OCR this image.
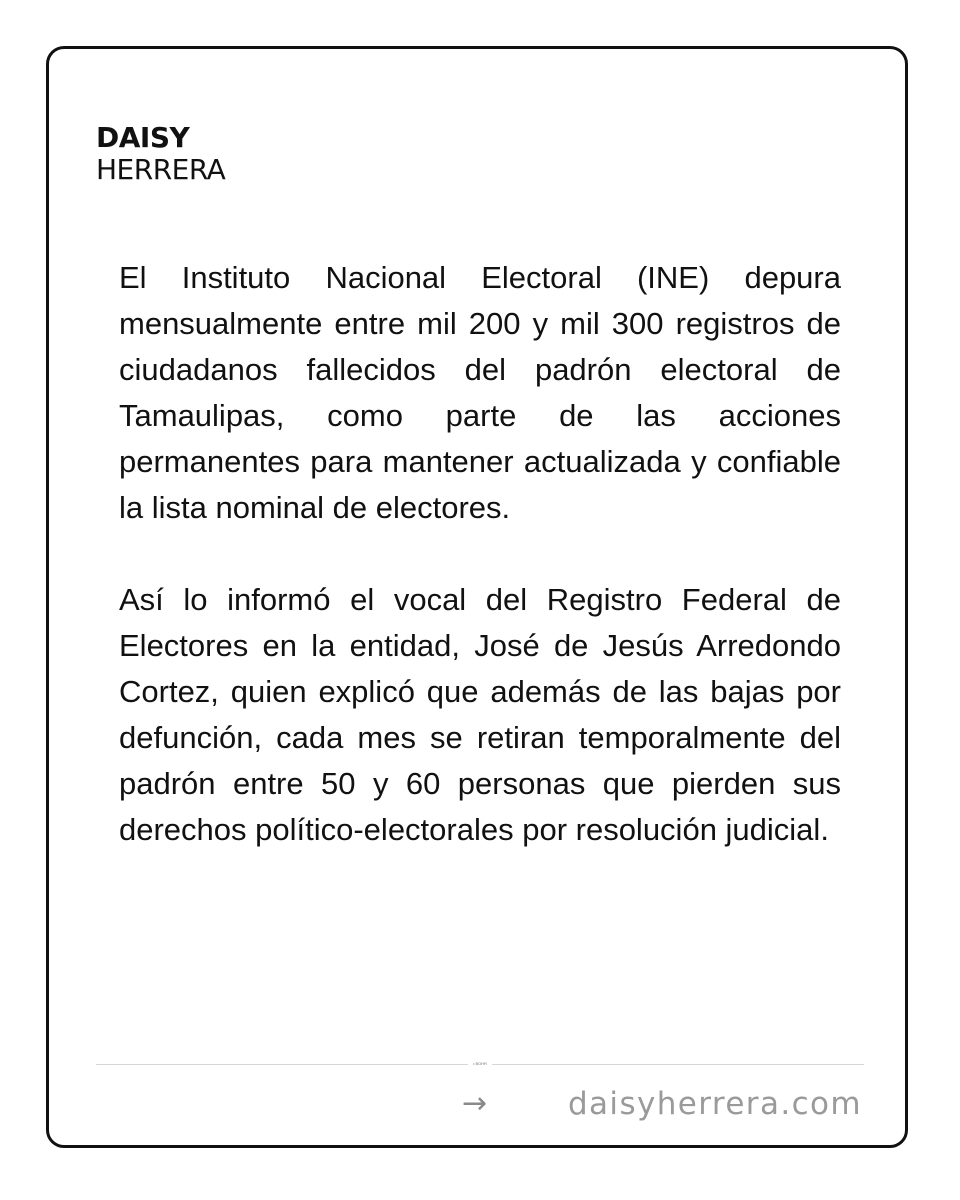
DAISY
HERRERA

El Instituto Nacional Electoral (INE) depura mensualmente entre mil 200 y mil 300 registros de ciudadanos fallecidos del padrón electoral de Tamaulipas, como parte de las acciones permanentes para mantener actualizada y confiable la lista nominal de electores.

Así lo informó el vocal del Registro Federal de Electores en la entidad, José de Jesús Arredondo Cortez, quien explicó que además de las bajas por defunción, cada mes se retiran temporalmente del padrón entre 50 y 60 personas que pierden sus derechos político-electorales por resolución judicial.

• BOHR
→	daisyherrera.com
